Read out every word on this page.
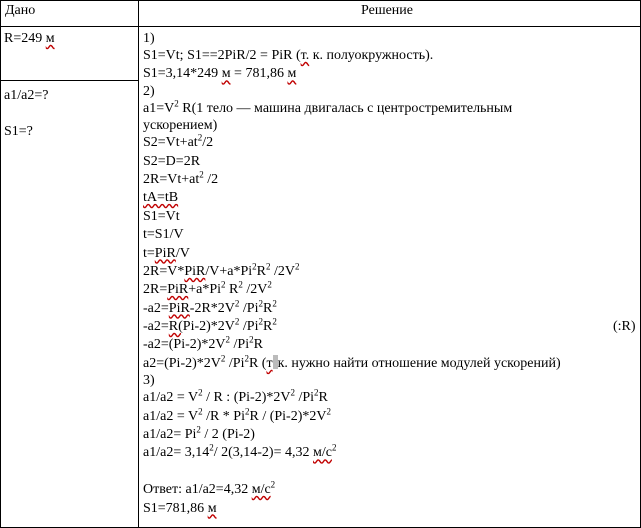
Дано	Решение
R=249 м
a1/a2=?
S1=?
1)
S1=Vt; S1==2PiR/2 = PiR (т. к. полуокружность).
S1=3,14*249 м = 781,86 м
2)
$a1=V^2$ R(1 тело — машина двигалась с центростремительным
ускорением)
$S2=Vt+at^2/2$
S2=D=2R
$2R=Vt+at^2$ /2
tA=tB
S1=Vt
t=S1/V
t=PiR/V
$2R=V*PiR/V+a*Pi^2R^2$ $/2V^2$
$2R=PiR+a*Pi^2$ $R^2$ $/2V^2$
$-a2=PiR-2R*2V^2$ $/Pi^2R^2$
$-a2=R(Pi-2)*2V^2$ $/Pi^2R^2$	(:R)
$-a2=(Pi-2)*2V^2$ /Pi$^2$R
$a2=(Pi-2)*2V^2$ /Pi$^2$R (т к. нужно найти отношение модулей ускорений)
3)
$a1/a2 = V^2 / R$ : $(Pi-2)*2V^2$ /Pi$^2$R
$a1/a2 = V^2$ $/R * Pi^2R / (Pi-2)*2V^2$
$a1/a2= Pi^2 / 2$ (Pi-2)
$a1/a2= 3,14^2/$ 2(3,14-2)= 4,32 $м/с^2$
Ответ: a1/a2=4,32 $м/с^2$
S1=781,86 м
